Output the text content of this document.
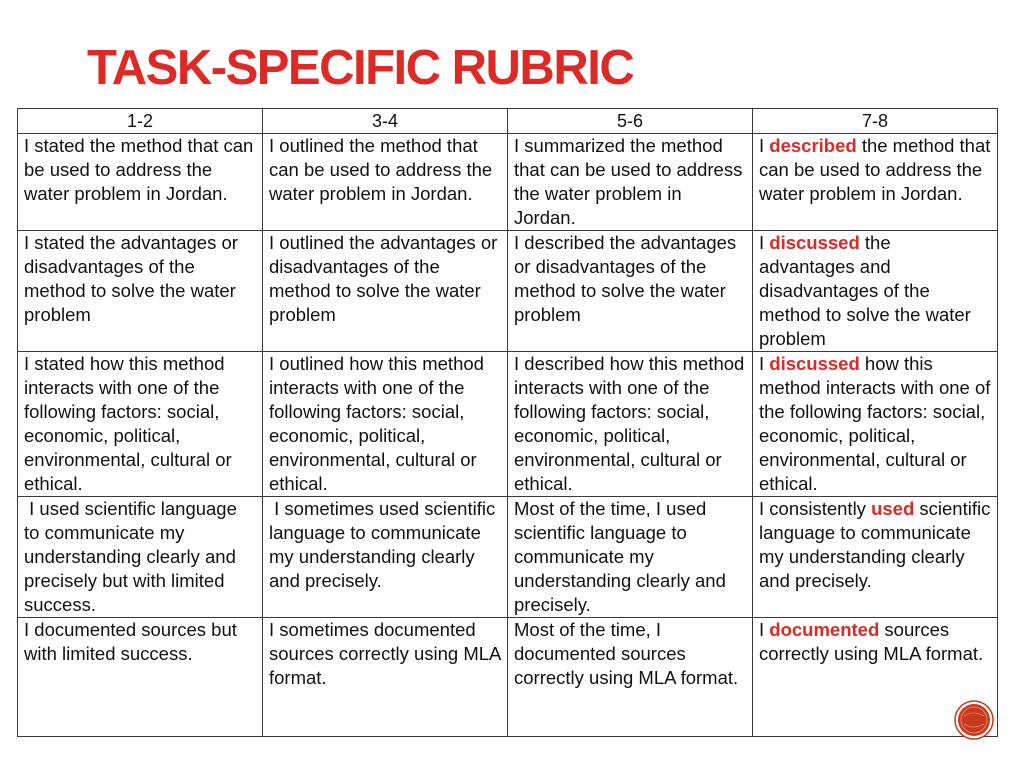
TASK-SPECIFIC RUBRIC
1-2	3-4	5-6	7-8
I stated the method that can be used to address the water problem in Jordan.	I outlined the method that can be used to address the water problem in Jordan.	I summarized the method that can be used to address the water problem in Jordan.	I described the method that can be used to address the water problem in Jordan.
I stated the advantages or disadvantages of the method to solve the water problem	I outlined the advantages or disadvantages of the method to solve the water problem	I described the advantages or disadvantages of the method to solve the water problem	I discussed the advantages and disadvantages of the method to solve the water problem
I stated how this method interacts with one of the following factors: social, economic, political, environmental, cultural or ethical.	I outlined how this method interacts with one of the following factors: social, economic, political, environmental, cultural or ethical.	I described how this method interacts with one of the following factors: social, economic, political, environmental, cultural or ethical.	I discussed how this method interacts with one of the following factors: social, economic, political, environmental, cultural or ethical.
I used scientific language to communicate my understanding clearly and precisely but with limited success.	I sometimes used scientific language to communicate my understanding clearly and precisely.	Most of the time, I used scientific language to communicate my understanding clearly and precisely.	I consistently used scientific language to communicate my understanding clearly and precisely.
I documented sources but with limited success.	I sometimes documented sources correctly using MLA format.	Most of the time, I documented sources correctly using MLA format.	I documented sources correctly using MLA format.
